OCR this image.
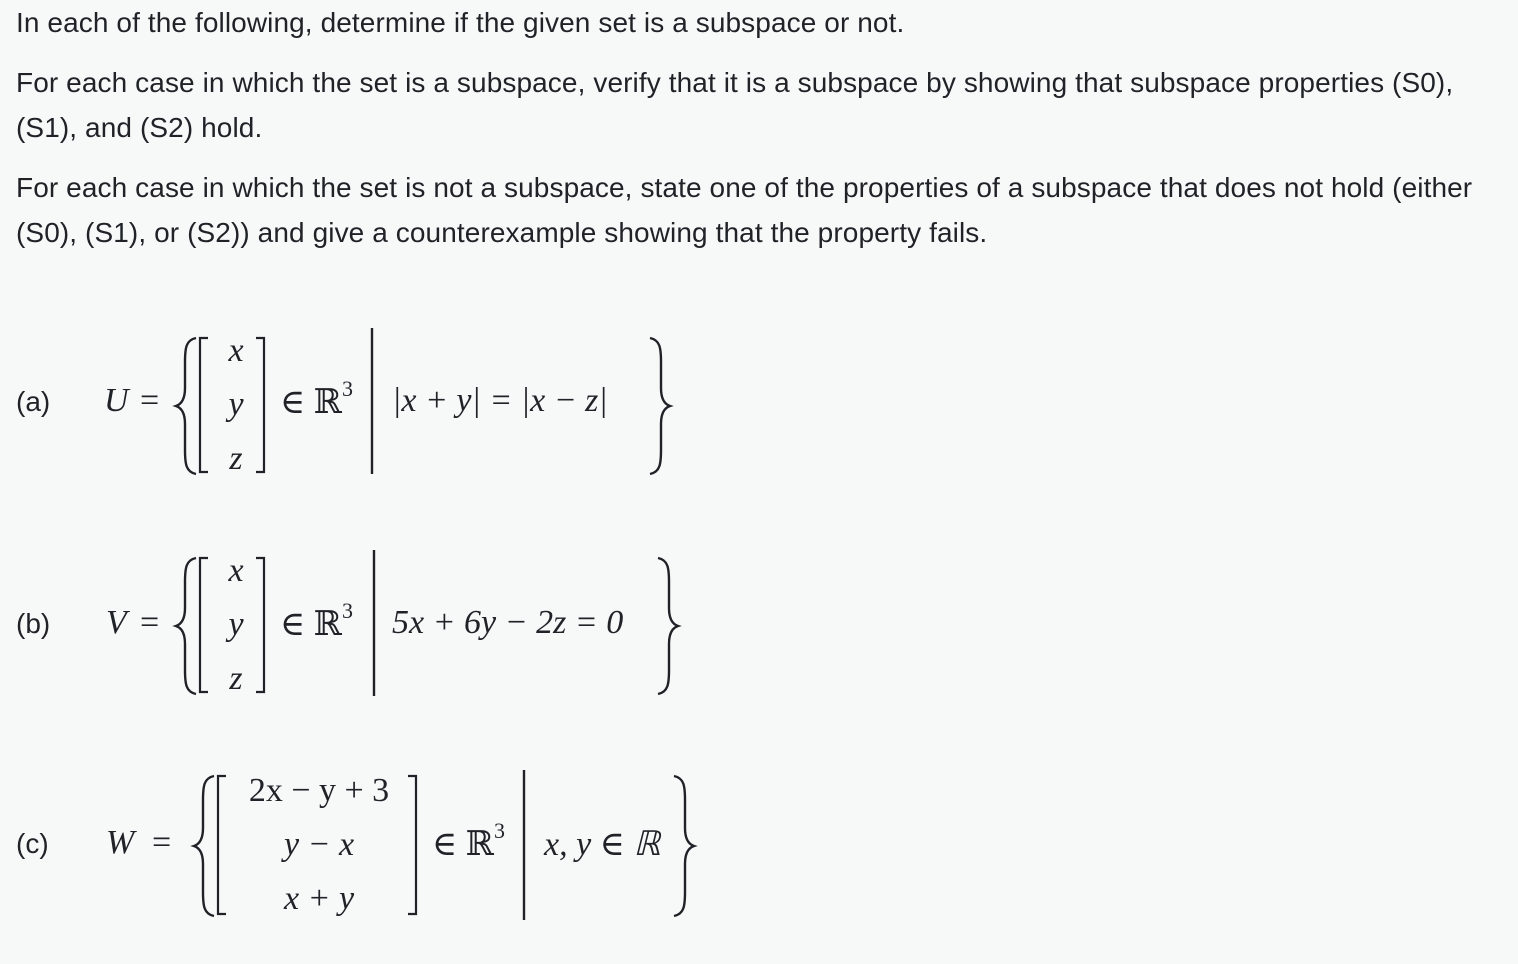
In each of the following, determine if the given set is a subspace or not.

For each case in which the set is a subspace, verify that it is a subspace by showing that subspace properties (S0), (S1), and (S2) hold.

For each case in which the set is not a subspace, state one of the properties of a subspace that does not hold (either (S0), (S1), or (S2)) and give a counterexample showing that the property fails.

(a) U =
x
y
z
∈ ℝ$^3$ |x + y| = |x − z|
(b) V =
x
y
z
∈ ℝ$^3$ 5x + 6y − 2z = 0
(c) W =
2x − y + 3
y − x
x + y
∈ ℝ$^3$ x, y ∈ ℝ
